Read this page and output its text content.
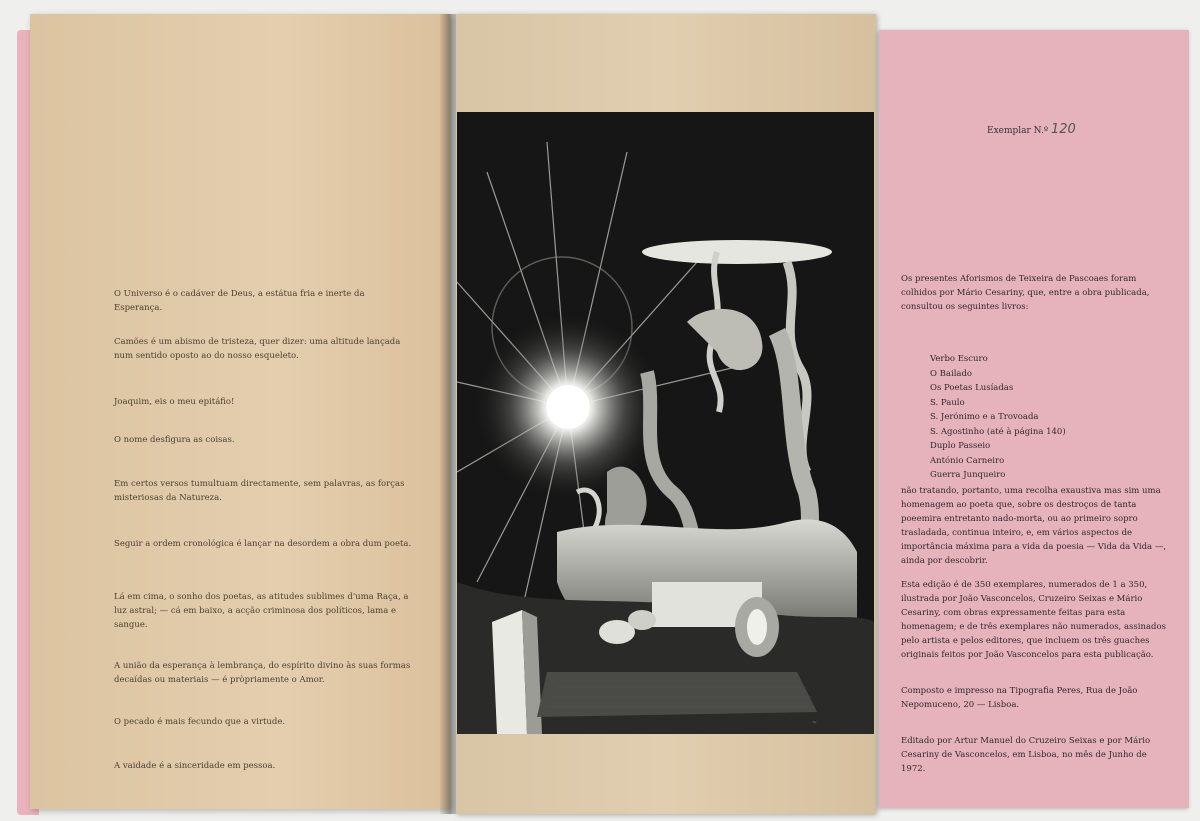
O Universo é o cadáver de Deus, a estátua fria e inerte da Esperança.

Camões é um abismo de tristeza, quer dizer: uma altitude lançada num sentido oposto ao do nosso esqueleto.

Joaquim, eis o meu epitáfio!

O nome desfigura as coisas.

Em certos versos tumultuam directamente, sem palavras, as forças misteriosas da Natureza.

Seguir a ordem cronológica é lançar na desordem a obra dum poeta.

Lá em cima, o sonho dos poetas, as atitudes sublimes d'uma Raça, a luz astral; — cá em baixo, a acção criminosa dos políticos, lama e sangue.

A união da esperança à lembrança, do espírito divino às suas formas decaídas ou materiais — é pròpriamente o Amor.

O pecado é mais fecundo que a virtude.

A vaidade é a sinceridade em pessoa.

~
Exemplar N.º 120

Os presentes Aforismos de Teixeira de Pascoaes foram colhidos por Mário Cesariny, que, entre a obra publicada, consultou os seguintes livros:

Verbo Escuro
O Bailado
Os Poetas Lusíadas
S. Paulo
S. Jerónimo e a Trovoada
S. Agostinho (até à página 140)
Duplo Passeio
António Carneiro
Guerra Junqueiro

não tratando, portanto, uma recolha exaustiva mas sim uma homenagem ao poeta que, sobre os destroços de tanta poeemira entretanto nado-morta, ou ao primeiro sopro trasladada, continua inteiro, e, em vários aspectos de importância máxima para a vida da poesia — Vida da Vida —, ainda por descobrir.

Esta edição é de 350 exemplares, numerados de 1 a 350, ilustrada por João Vasconcelos, Cruzeiro Seixas e Mário Cesariny, com obras expressamente feitas para esta homenagem; e de três exemplares não numerados, assinados pelo artista e pelos editores, que incluem os três guaches originais feitos por João Vasconcelos para esta publicação.

Composto e impresso na Tipografia Peres, Rua de João Nepomuceno, 20 — Lisboa.

Editado por Artur Manuel do Cruzeiro Seixas e por Mário Cesariny de Vasconcelos, em Lisboa, no mês de Junho de 1972.
